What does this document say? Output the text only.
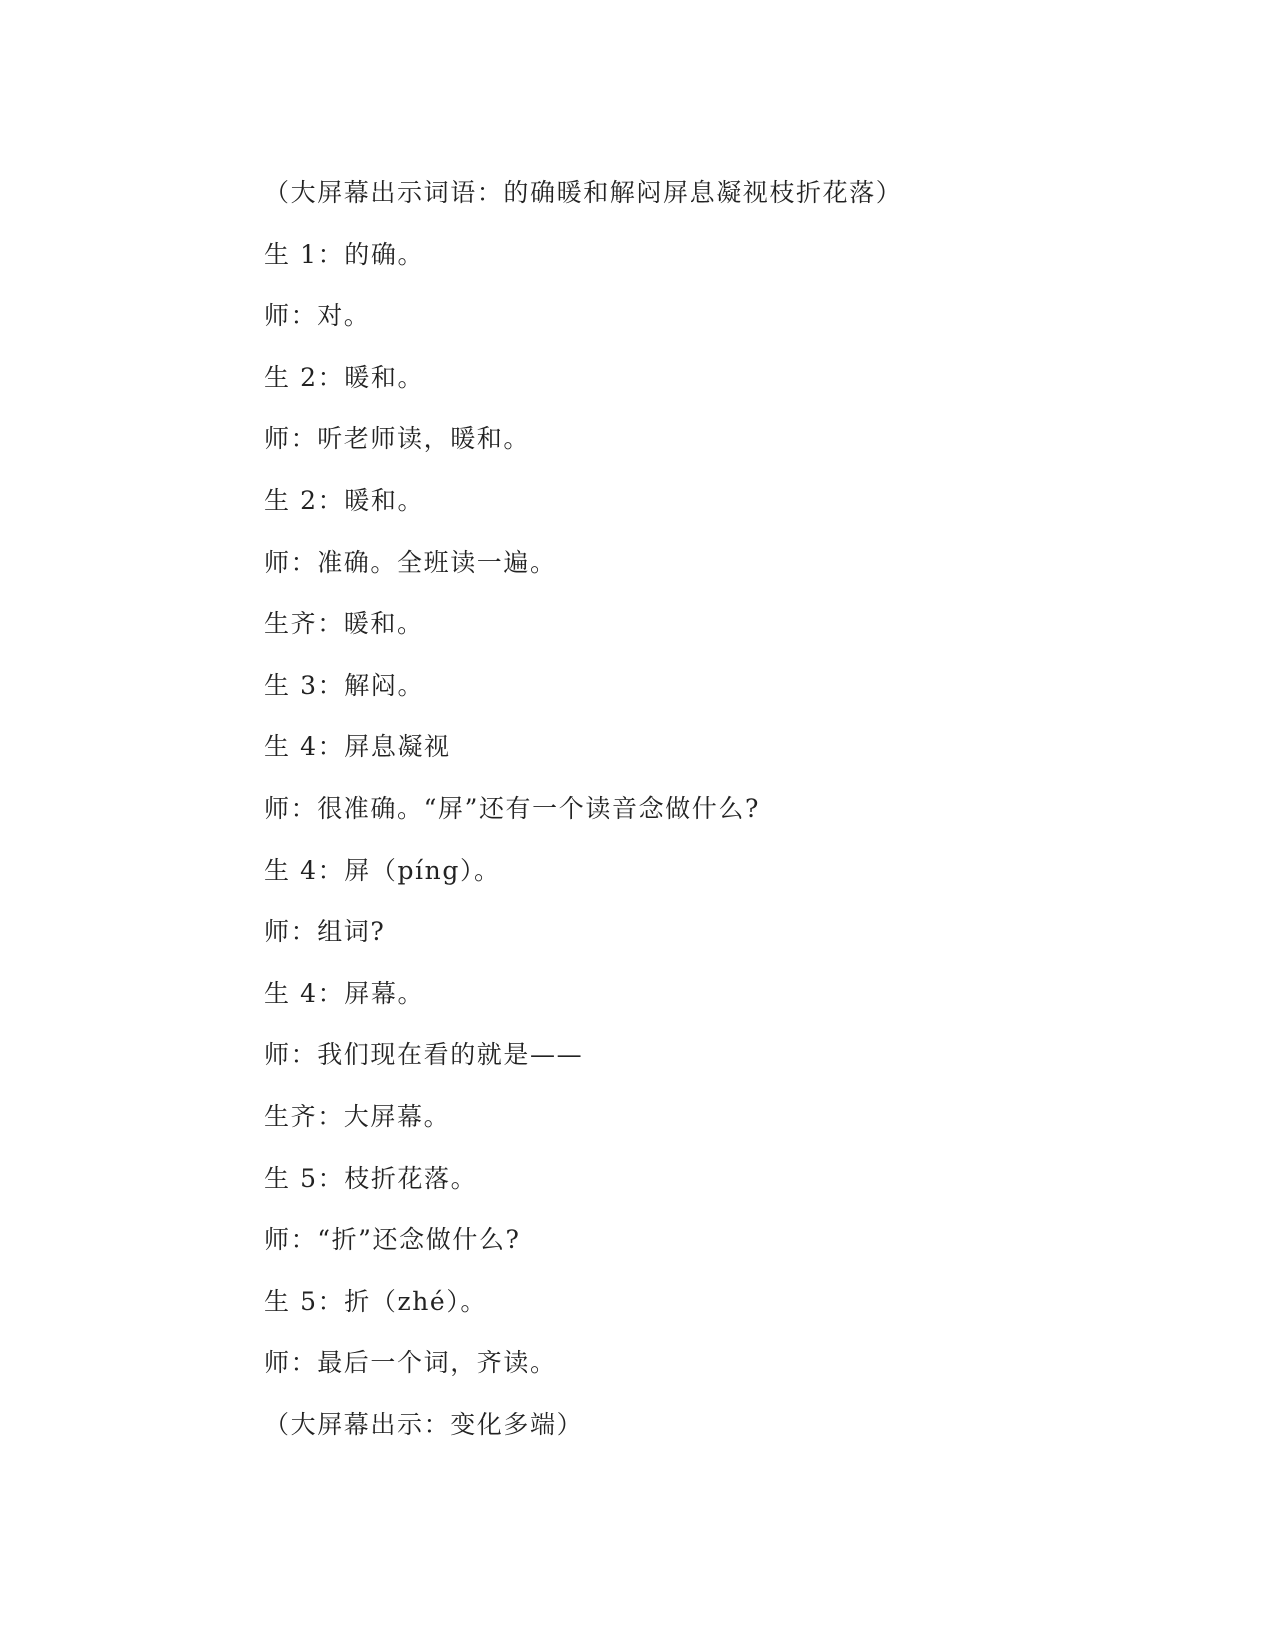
（大屏幕出示词语：的确暖和解闷屏息凝视枝折花落）
生 1：的确。
师：对。
生 2：暖和。
师：听老师读，暖和。
生 2：暖和。
师：准确。全班读一遍。
生齐：暖和。
生 3：解闷。
生 4：屏息凝视
师：很准确。“屏”还有一个读音念做什么?
生 4：屏（píng）。
师：组词?
生 4：屏幕。
师：我们现在看的就是——
生齐：大屏幕。
生 5：枝折花落。
师：“折”还念做什么?
生 5：折（zhé）。
师：最后一个词，齐读。
（大屏幕出示：变化多端）
